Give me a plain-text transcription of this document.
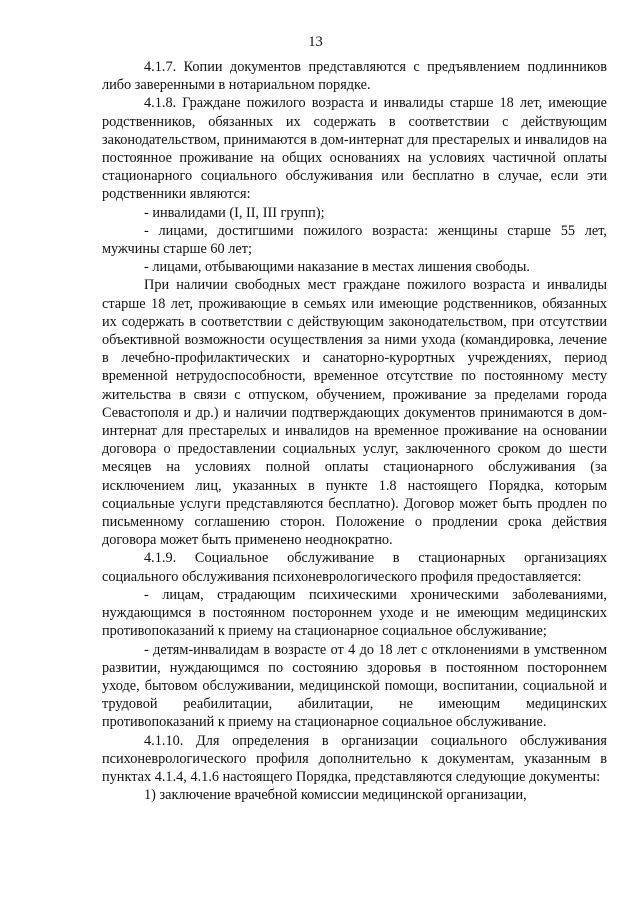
13

4.1.7. Копии документов представляются с предъявлением подлинников либо заверенными в нотариальном порядке.

4.1.8. Граждане пожилого возраста и инвалиды старше 18 лет, имеющие родственников, обязанных их содержать в соответствии с действующим законодательством, принимаются в дом-интернат для престарелых и инвалидов на постоянное проживание на общих основаниях на условиях частичной оплаты стационарного социального обслуживания или бесплатно в случае, если эти родственники являются:

- инвалидами (I, II, III групп);

- лицами, достигшими пожилого возраста: женщины старше 55 лет, мужчины старше 60 лет;

- лицами, отбывающими наказание в местах лишения свободы.

При наличии свободных мест граждане пожилого возраста и инвалиды старше 18 лет, проживающие в семьях или имеющие родственников, обязанных их содержать в соответствии с действующим законодательством, при отсутствии объективной возможности осуществления за ними ухода (командировка, лечение в лечебно-профилактических и санаторно-курортных учреждениях, период временной нетрудоспособности, временное отсутствие по постоянному месту жительства в связи с отпуском, обучением, проживание за пределами города Севастополя и др.) и наличии подтверждающих документов принимаются в дом-интернат для престарелых и инвалидов на временное проживание на основании договора о предоставлении социальных услуг, заключенного сроком до шести месяцев на условиях полной оплаты стационарного обслуживания (за исключением лиц, указанных в пункте 1.8 настоящего Порядка, которым социальные услуги представляются бесплатно). Договор может быть продлен по письменному соглашению сторон. Положение о продлении срока действия договора может быть применено неоднократно.

4.1.9. Социальное обслуживание в стационарных организациях социального обслуживания психоневрологического профиля предоставляется:

- лицам, страдающим психическими хроническими заболеваниями, нуждающимся в постоянном постороннем уходе и не имеющим медицинских противопоказаний к приему на стационарное социальное обслуживание;

- детям-инвалидам в возрасте от 4 до 18 лет с отклонениями в умственном развитии, нуждающимся по состоянию здоровья в постоянном постороннем уходе, бытовом обслуживании, медицинской помощи, воспитании, социальной и трудовой реабилитации, абилитации, не имеющим медицинских противопоказаний к приему на стационарное социальное обслуживание.

4.1.10. Для определения в организации социального обслуживания психоневрологического профиля дополнительно к документам, указанным в пунктах 4.1.4, 4.1.6 настоящего Порядка, представляются следующие документы:

1) заключение врачебной комиссии медицинской организации,
